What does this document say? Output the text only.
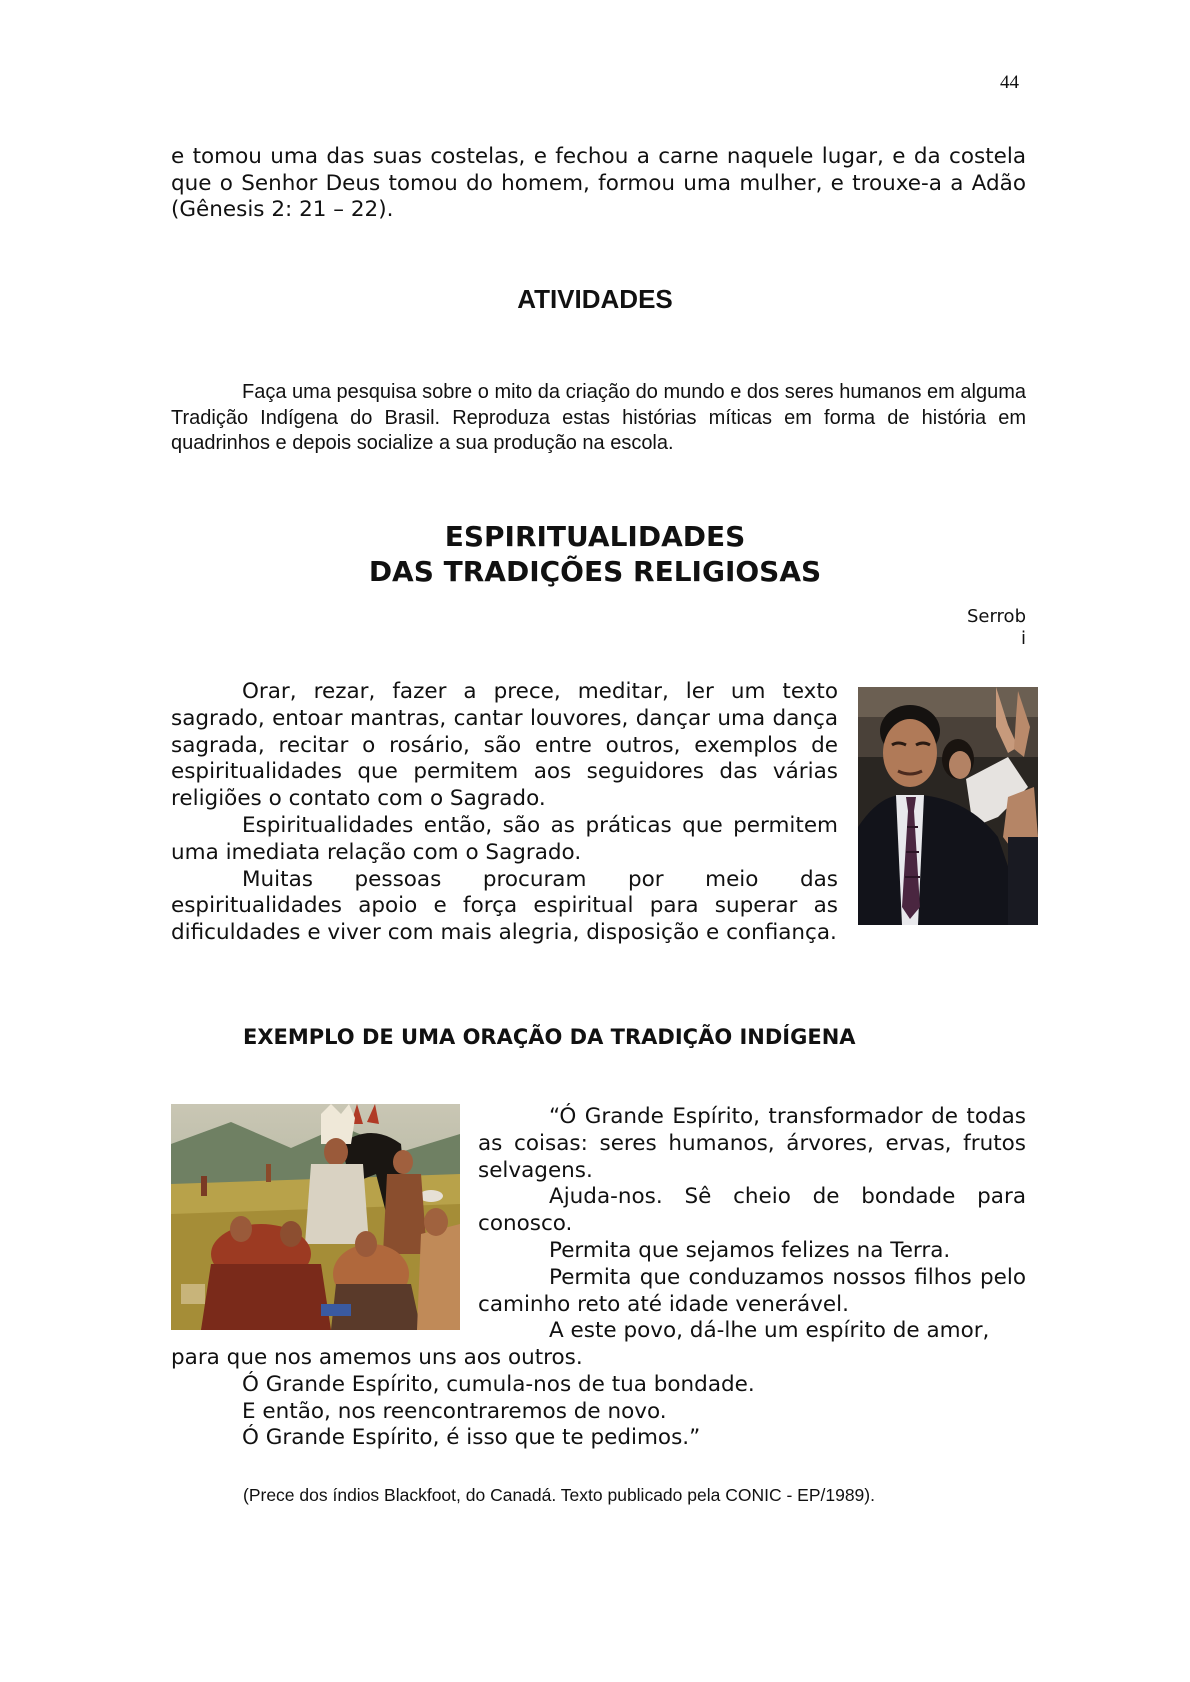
44

e tomou uma das suas costelas, e fechou a carne naquele lugar, e da costela que o Senhor Deus tomou do homem, formou uma mulher, e trouxe-a a Adão (Gênesis 2: 21 – 22).

ATIVIDADES

Faça uma pesquisa sobre o mito da criação do mundo e dos seres humanos em alguma Tradição Indígena do Brasil. Reproduza estas histórias míticas em forma de história em quadrinhos e depois socialize a sua produção na escola.

ESPIRITUALIDADES
DAS TRADIÇÕES RELIGIOSAS
Serrob
i

Orar, rezar, fazer a prece, meditar, ler um texto sagrado, entoar mantras, cantar louvores, dançar uma dança sagrada, recitar o rosário, são entre outros, exemplos de espiritualidades que permitem aos seguidores das várias religiões o contato com o Sagrado.

Espiritualidades então, são as práticas que permitem uma imediata relação com o Sagrado.

Muitas pessoas procuram por meio das espiritualidades apoio e força espiritual para superar as dificuldades e viver com mais alegria, disposição e confiança.

EXEMPLO DE UMA ORAÇÃO DA TRADIÇÃO INDÍGENA

“Ó Grande Espírito, transformador de todas as coisas: seres humanos, árvores, ervas, frutos selvagens.

Ajuda-nos. Sê cheio de bondade para conosco.

Permita que sejamos felizes na Terra.

Permita que conduzamos nossos filhos pelo caminho reto até idade venerável.

A este povo, dá-lhe um espírito de amor,

para que nos amemos uns aos outros.

Ó Grande Espírito, cumula-nos de tua bondade.

E então, nos reencontraremos de novo.

Ó Grande Espírito, é isso que te pedimos.”

(Prece dos índios Blackfoot, do Canadá. Texto publicado pela CONIC - EP/1989).
